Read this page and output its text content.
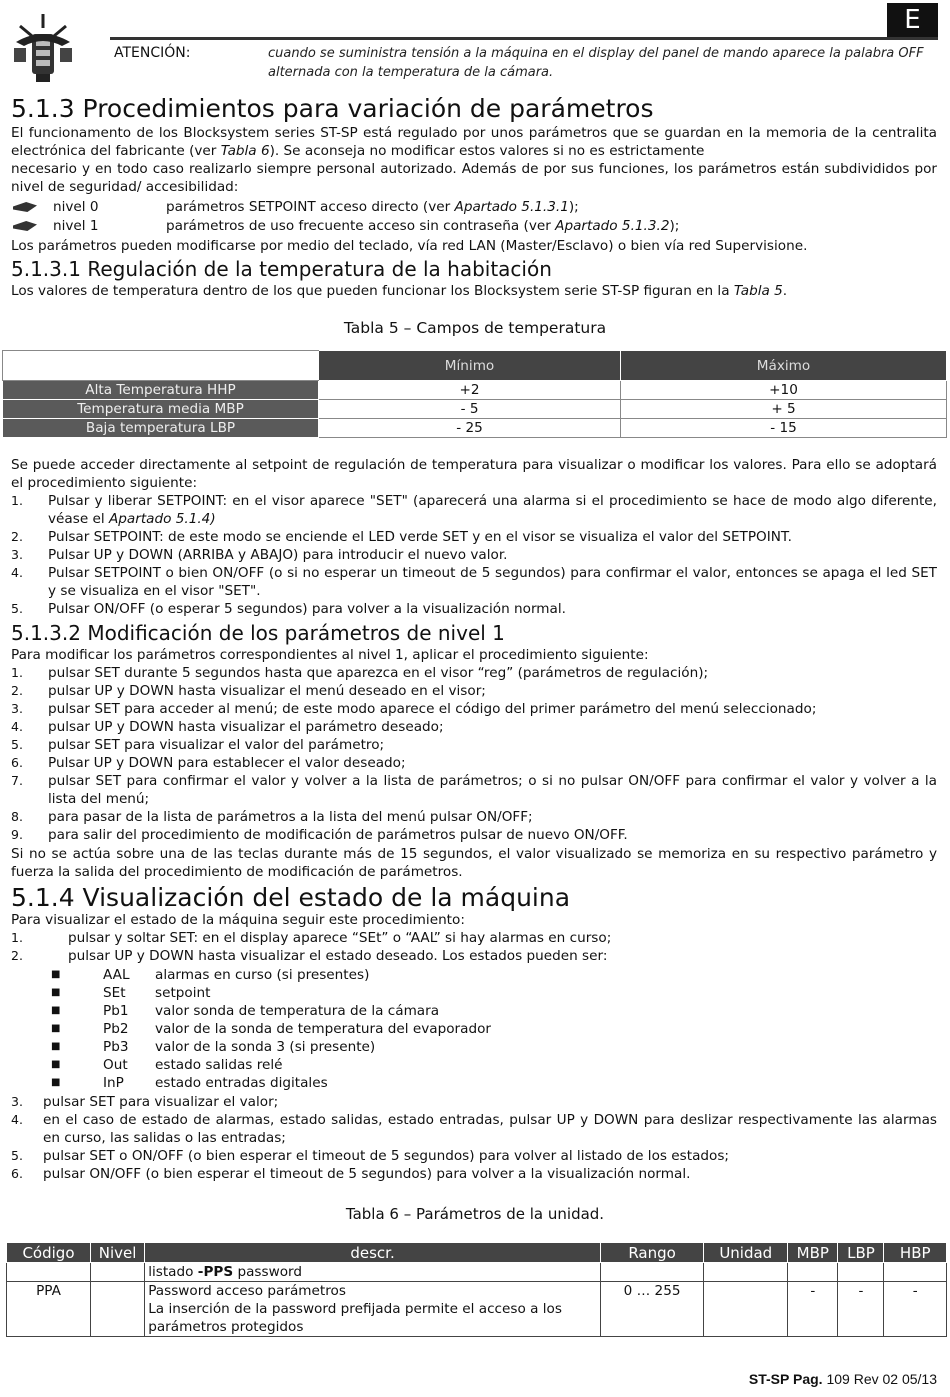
E
ATENCIÓN:	cuando se suministra tensión a la máquina en el display del panel de mando aparece la palabra OFF alternada con la temperatura de la cámara.
5.1.3 Procedimientos para variación de parámetros
El funcionamento de los Blocksystem series ST-SP está regulado por unos parámetros que se guardan en la memoria de la centralita electrónica del fabricante (ver Tabla 6). Se aconseja no modificar estos valores si no es estrictamente
necesario y en todo caso realizarlo siempre personal autorizado. Además de por sus funciones, los parámetros están subdivididos por nivel de seguridad/ accesibilidad:
nivel 0	parámetros SETPOINT acceso directo (ver Apartado 5.1.3.1);
nivel 1	parámetros de uso frecuente acceso sin contraseña (ver Apartado 5.1.3.2);
Los parámetros pueden modificarse por medio del teclado, vía red LAN (Master/Esclavo) o bien vía red Supervisione.
5.1.3.1 Regulación de la temperatura de la habitación
Los valores de temperatura dentro de los que pueden funcionar los Blocksystem serie ST-SP figuran en la Tabla 5.
Tabla 5 – Campos de temperatura
	Mínimo	Máximo
Alta Temperatura HHP	+2	+10
Temperatura media MBP	- 5	+ 5
Baja temperatura LBP	- 25	- 15
Se puede acceder directamente al setpoint de regulación de temperatura para visualizar o modificar los valores. Para ello se adoptará el procedimiento siguiente:
1. Pulsar y liberar SETPOINT: en el visor aparece "SET" (aparecerá una alarma si el procedimiento se hace de modo algo diferente, véase el Apartado 5.1.4)
2. Pulsar SETPOINT: de este modo se enciende el LED verde SET y en el visor se visualiza el valor del SETPOINT.
3. Pulsar UP y DOWN (ARRIBA y ABAJO) para introducir el nuevo valor.
4. Pulsar SETPOINT o bien ON/OFF (o si no esperar un timeout de 5 segundos) para confirmar el valor, entonces se apaga el led SET y se visualiza en el visor "SET".
5. Pulsar ON/OFF (o esperar 5 segundos) para volver a la visualización normal.
5.1.3.2 Modificación de los parámetros de nivel 1
Para modificar los parámetros correspondientes al nivel 1, aplicar el procedimiento siguiente:
1. pulsar SET durante 5 segundos hasta que aparezca en el visor “reg” (parámetros de regulación);
2. pulsar UP y DOWN hasta visualizar el menú deseado en el visor;
3. pulsar SET para acceder al menú; de este modo aparece el código del primer parámetro del menú seleccionado;
4. pulsar UP y DOWN hasta visualizar el parámetro deseado;
5. pulsar SET para visualizar el valor del parámetro;
6. Pulsar UP y DOWN para establecer el valor deseado;
7. pulsar SET para confirmar el valor y volver a la lista de parámetros; o si no pulsar ON/OFF para confirmar el valor y volver a la lista del menú;
8. para pasar de la lista de parámetros a la lista del menú pulsar ON/OFF;
9. para salir del procedimiento de modificación de parámetros pulsar de nuevo ON/OFF.
Si no se actúa sobre una de las teclas durante más de 15 segundos, el valor visualizado se memoriza en su respectivo parámetro y fuerza la salida del procedimiento de modificación de parámetros.
5.1.4 Visualización del estado de la máquina
Para visualizar el estado de la máquina seguir este procedimiento:
1.	pulsar y soltar SET: en el display aparece “SEt” o “AAL” si hay alarmas en curso;
2.	pulsar UP y DOWN hasta visualizar el estado deseado. Los estados pueden ser:
■	AAL alarmas en curso (si presentes)
■	SEt setpoint
■	Pb1 valor sonda de temperatura de la cámara
■	Pb2 valor de la sonda de temperatura del evaporador
■	Pb3 valor de la sonda 3 (si presente)
■	Out estado salidas relé
■	InP estado entradas digitales
3. pulsar SET para visualizar el valor;
4. en el caso de estado de alarmas, estado salidas, estado entradas, pulsar UP y DOWN para deslizar respectivamente las alarmas en curso, las salidas o las entradas;
5. pulsar SET o ON/OFF (o bien esperar el timeout de 5 segundos) para volver al listado de los estados;
6. pulsar ON/OFF (o bien esperar el timeout de 5 segundos) para volver a la visualización normal.
Tabla 6 – Parámetros de la unidad.
Código	Nivel	descr.	Rango	Unidad	MBP	LBP	HBP
		listado -PPS password					
PPA		Password acceso parámetros
La inserción de la password prefijada permite el acceso a los parámetros protegidos	0 … 255		-	-	-
ST-SP Pag. 109 Rev 02 05/13
